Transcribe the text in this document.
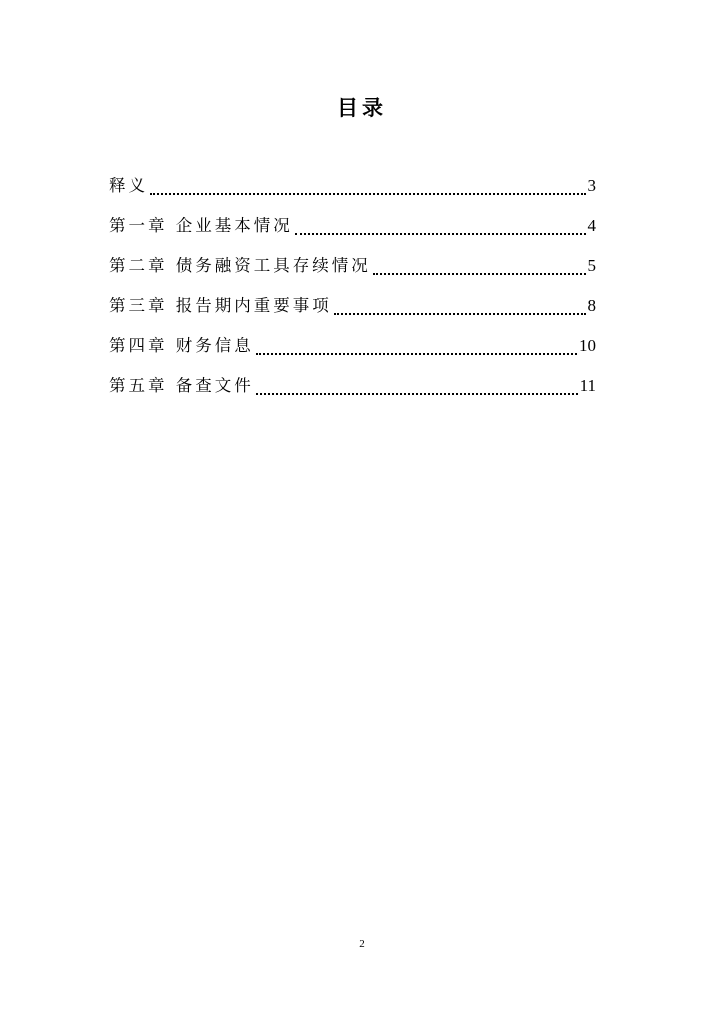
目录
释义	3
第一章 企业基本情况	4
第二章 债务融资工具存续情况	5
第三章 报告期内重要事项	8
第四章 财务信息	10
第五章 备查文件	11
2
